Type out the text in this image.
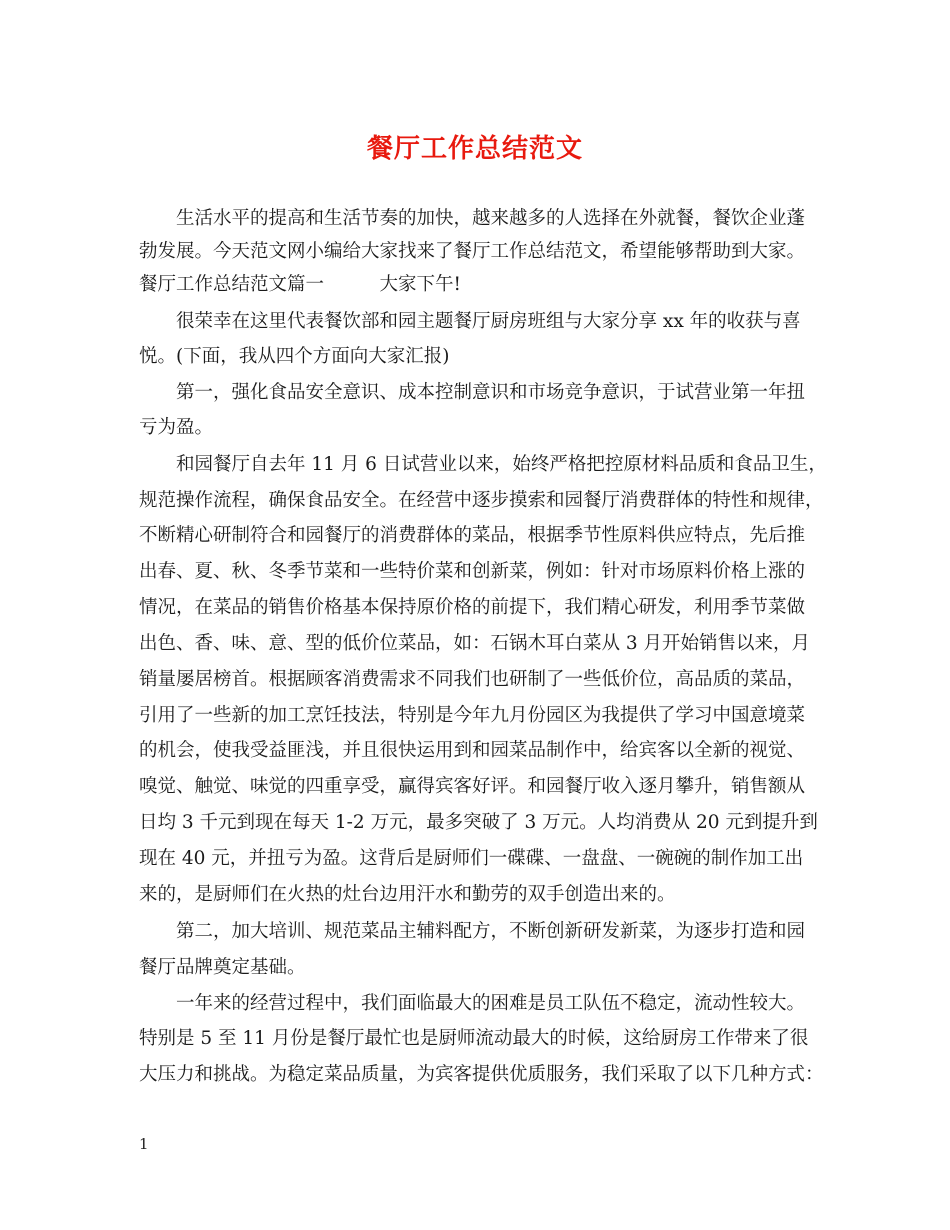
餐厅工作总结范文
　　生活水平的提高和生活节奏的加快，越来越多的人选择在外就餐，餐饮企业蓬
勃发展。今天范文网小编给大家找来了餐厅工作总结范文，希望能够帮助到大家。
餐厅工作总结范文篇一　　　大家下午!
　　很荣幸在这里代表餐饮部和园主题餐厅厨房班组与大家分享 xx 年的收获与喜
悦。(下面，我从四个方面向大家汇报)
　　第一，强化食品安全意识、成本控制意识和市场竞争意识，于试营业第一年扭
亏为盈。
　　和园餐厅自去年 11 月 6 日试营业以来，始终严格把控原材料品质和食品卫生，
规范操作流程，确保食品安全。在经营中逐步摸索和园餐厅消费群体的特性和规律，
不断精心研制符合和园餐厅的消费群体的菜品，根据季节性原料供应特点，先后推
出春、夏、秋、冬季节菜和一些特价菜和创新菜，例如：针对市场原料价格上涨的
情况，在菜品的销售价格基本保持原价格的前提下，我们精心研发，利用季节菜做
出色、香、味、意、型的低价位菜品，如：石锅木耳白菜从 3 月开始销售以来，月
销量屡居榜首。根据顾客消费需求不同我们也研制了一些低价位，高品质的菜品，
引用了一些新的加工烹饪技法，特别是今年九月份园区为我提供了学习中国意境菜
的机会，使我受益匪浅，并且很快运用到和园菜品制作中，给宾客以全新的视觉、
嗅觉、触觉、味觉的四重享受，赢得宾客好评。和园餐厅收入逐月攀升，销售额从
日均 3 千元到现在每天 1-2 万元，最多突破了 3 万元。人均消费从 20 元到提升到
现在 40 元，并扭亏为盈。这背后是厨师们一碟碟、一盘盘、一碗碗的制作加工出
来的，是厨师们在火热的灶台边用汗水和勤劳的双手创造出来的。
　　第二，加大培训、规范菜品主辅料配方，不断创新研发新菜，为逐步打造和园
餐厅品牌奠定基础。
　　一年来的经营过程中，我们面临最大的困难是员工队伍不稳定，流动性较大。
特别是 5 至 11 月份是餐厅最忙也是厨师流动最大的时候，这给厨房工作带来了很
大压力和挑战。为稳定菜品质量，为宾客提供优质服务，我们采取了以下几种方式：
1
